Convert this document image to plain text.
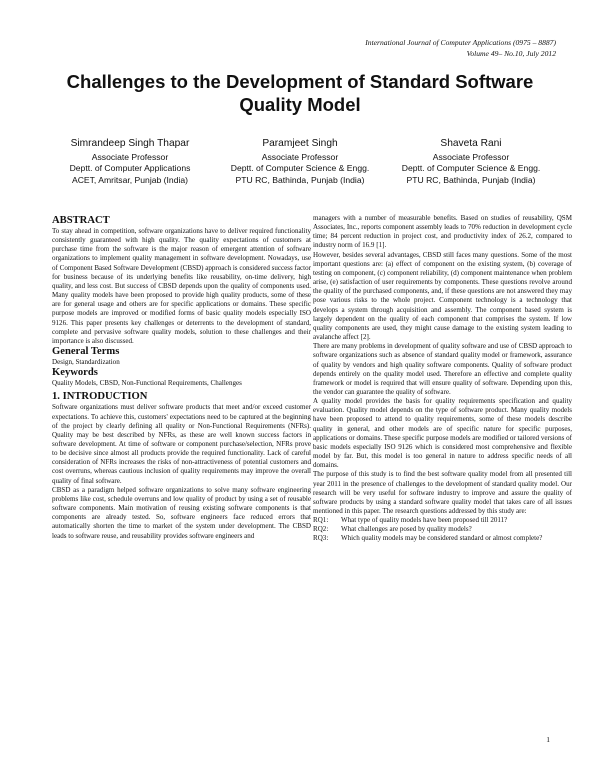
International Journal of Computer Applications (0975 – 8887)
Volume 49– No.10, July 2012
Challenges to the Development of Standard Software Quality Model
Simrandeep Singh Thapar
Associate Professor
Deptt. of Computer Applications
ACET, Amritsar, Punjab (India)
Paramjeet Singh
Associate Professor
Deptt. of Computer Science & Engg.
PTU RC, Bathinda, Punjab (India)
Shaveta Rani
Associate Professor
Deptt. of Computer Science & Engg.
PTU RC, Bathinda, Punjab (India)
ABSTRACT

To stay ahead in competition, software organizations have to deliver required functionality consistently guaranteed with high quality. The quality expectations of customers at purchase time from the software is the major reason of emergent attention of software organizations to implement quality management in software development. Nowadays, use of Component Based Software Development (CBSD) approach is considered success factor for business because of its underlying benefits like reusability, on-time delivery, high quality, and less cost. But success of CBSD depends upon the quality of components used. Many quality models have been proposed to provide high quality products, some of these are for general usage and others are for specific applications or domains. These specific purpose models are improved or modified forms of basic quality models especially ISO 9126. This paper presents key challenges or deterrents to the development of standard, complete and pervasive software quality models, solution to these challenges and their importance is also discussed.

General Terms

Design, Standardization

Keywords

Quality Models, CBSD, Non-Functional Requirements, Challenges

1. INTRODUCTION

Software organizations must deliver software products that meet and/or exceed customer expectations. To achieve this, customers' expectations need to be captured at the beginning of the project by clearly defining all quality or Non-Functional Requirements (NFRs). Quality may be best described by NFRs, as these are well known success factors in software development. At time of software or component purchase/selection, NFRs prove to be decisive since almost all products provide the required functionality. Lack of careful consideration of NFRs increases the risks of non-attractiveness of potential customers and cost overruns, whereas cautious inclusion of quality requirements may improve the overall quality of final software.

CBSD as a paradigm helped software organizations to solve many software engineering problems like cost, schedule overruns and low quality of product by using a set of reusable software components. Main motivation of reusing existing software components is that components are already tested. So, software engineers face reduced errors that automatically shorten the time to market of the system under development. The CBSD leads to software reuse, and reusability provides software engineers and

managers with a number of measurable benefits. Based on studies of reusability, QSM Associates, Inc., reports component assembly leads to 70% reduction in development cycle time; 84 percent reduction in project cost, and productivity index of 26.2, compared to industry norm of 16.9 [1].

However, besides several advantages, CBSD still faces many questions. Some of the most important questions are: (a) effect of component on the existing system, (b) coverage of testing on component, (c) component reliability, (d) component maintenance when problem arise, (e) satisfaction of user requirements by components. These questions revolve around the quality of the purchased components, and, if these questions are not answered they may pose various risks to the whole project. Component technology is a technology that develops a system through acquisition and assembly. The component based system is largely dependent on the quality of each component that comprises the system. If low quality components are used, they might cause damage to the existing system leading to avalanche affect [2].

There are many problems in development of quality software and use of CBSD approach to software organizations such as absence of standard quality model or framework, assurance of quality by vendors and high quality software components. Quality of software product depends entirely on the quality model used. Therefore an effective and complete quality framework or model is required that will ensure quality of software. Depending upon this, the vendor can guarantee the quality of software.

A quality model provides the basis for quality requirements specification and quality evaluation. Quality model depends on the type of software product. Many quality models have been proposed to attend to quality requirements, some of these models describe quality in general, and other models are of specific nature for specific purposes, applications or domains. These specific purpose models are modified or tailored versions of basic models especially ISO 9126 which is considered most comprehensive and flexible model by far. But, this model is too general in nature to address specific needs of all domains.

The purpose of this study is to find the best software quality model from all presented till year 2011 in the presence of challenges to the development of standard quality model. Our research will be very useful for software industry to improve and assure the quality of software products by using a standard software quality model that takes care of all issues mentioned in this paper. The research questions addressed by this study are:

RQ1:	What type of quality models have been proposed till 2011?
RQ2:	What challenges are posed by quality models?
RQ3:	Which quality models may be considered standard or almost complete?
1
